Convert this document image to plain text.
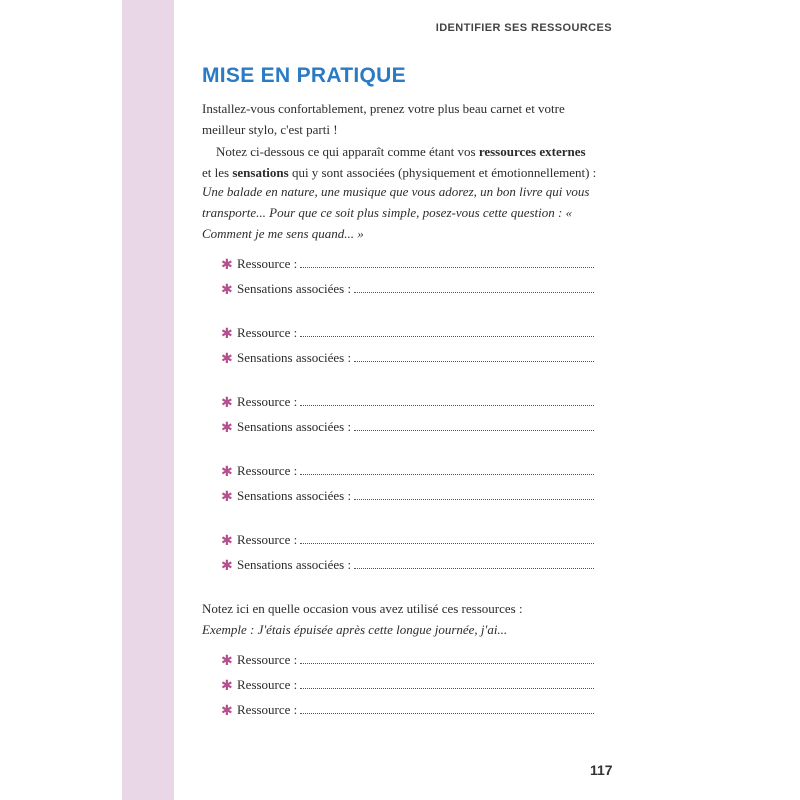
IDENTIFIER SES RESSOURCES
MISE EN PRATIQUE

Installez-vous confortablement, prenez votre plus beau carnet et votre meilleur stylo, c'est parti !

Notez ci-dessous ce qui apparaît comme étant vos ressources externes et les sensations qui y sont associées (physiquement et émotionnellement) :

Une balade en nature, une musique que vous adorez, un bon livre qui vous transporte... Pour que ce soit plus simple, posez-vous cette question : « Comment je me sens quand... »

✱ Ressource :
✱ Sensations associées :
✱ Ressource :
✱ Sensations associées :
✱ Ressource :
✱ Sensations associées :
✱ Ressource :
✱ Sensations associées :
✱ Ressource :
✱ Sensations associées :

Notez ici en quelle occasion vous avez utilisé ces ressources :
Exemple : J'étais épuisée après cette longue journée, j'ai...

✱ Ressource :
✱ Ressource :
✱ Ressource :
117
